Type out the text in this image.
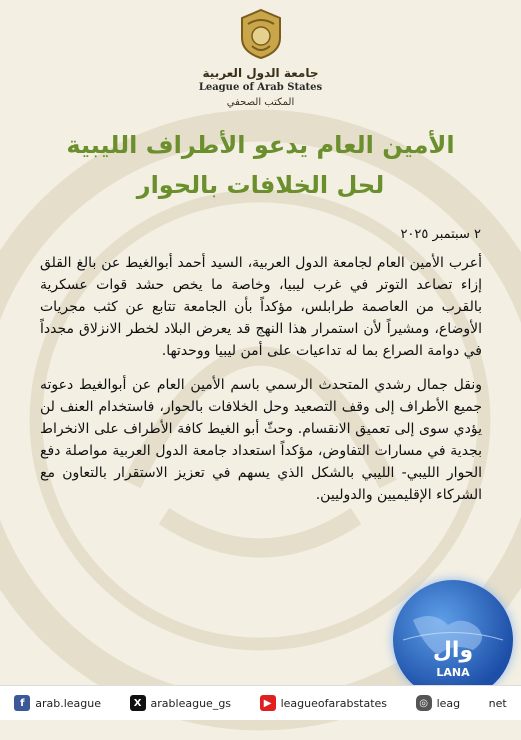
جامعة الدول العربية
League of Arab States
المكتب الصحفي
الأمين العام يدعو الأطراف الليبية
لحل الخلافات بالحوار
٢ سبتمبر ٢٠٢٥

أعرب الأمين العام لجامعة الدول العربية، السيد أحمد أبوالغيط عن بالغ القلق إزاء تصاعد التوتر في غرب ليبيا، وخاصة ما يخص حشد قوات عسكرية بالقرب من العاصمة طرابلس، مؤكداً بأن الجامعة تتابع عن كثب مجريات الأوضاع، ومشيراً لأن استمرار هذا النهج قد يعرض البلاد لخطر الانزلاق مجدداً في دوامة الصراع بما له تداعيات على أمن ليبيا ووحدتها.

ونقل جمال رشدي المتحدث الرسمي باسم الأمين العام عن أبوالغيط دعوته جميع الأطراف إلى وقف التصعيد وحل الخلافات بالحوار، فاستخدام العنف لن يؤدي سوى إلى تعميق الانقسام. وحثّ أبو الغيط كافة الأطراف على الانخراط بجدية في مسارات التفاوض، مؤكداً استعداد جامعة الدول العربية مواصلة دفع الحوار الليبي- الليبي بالشكل الذي يسهم في تعزيز الاستقرار بالتعاون مع الشركاء الإقليميين والدوليين.

وال
LANA
f arab.league	X arableague_gs	▶ leagueofarabstates	◎ leag	net
